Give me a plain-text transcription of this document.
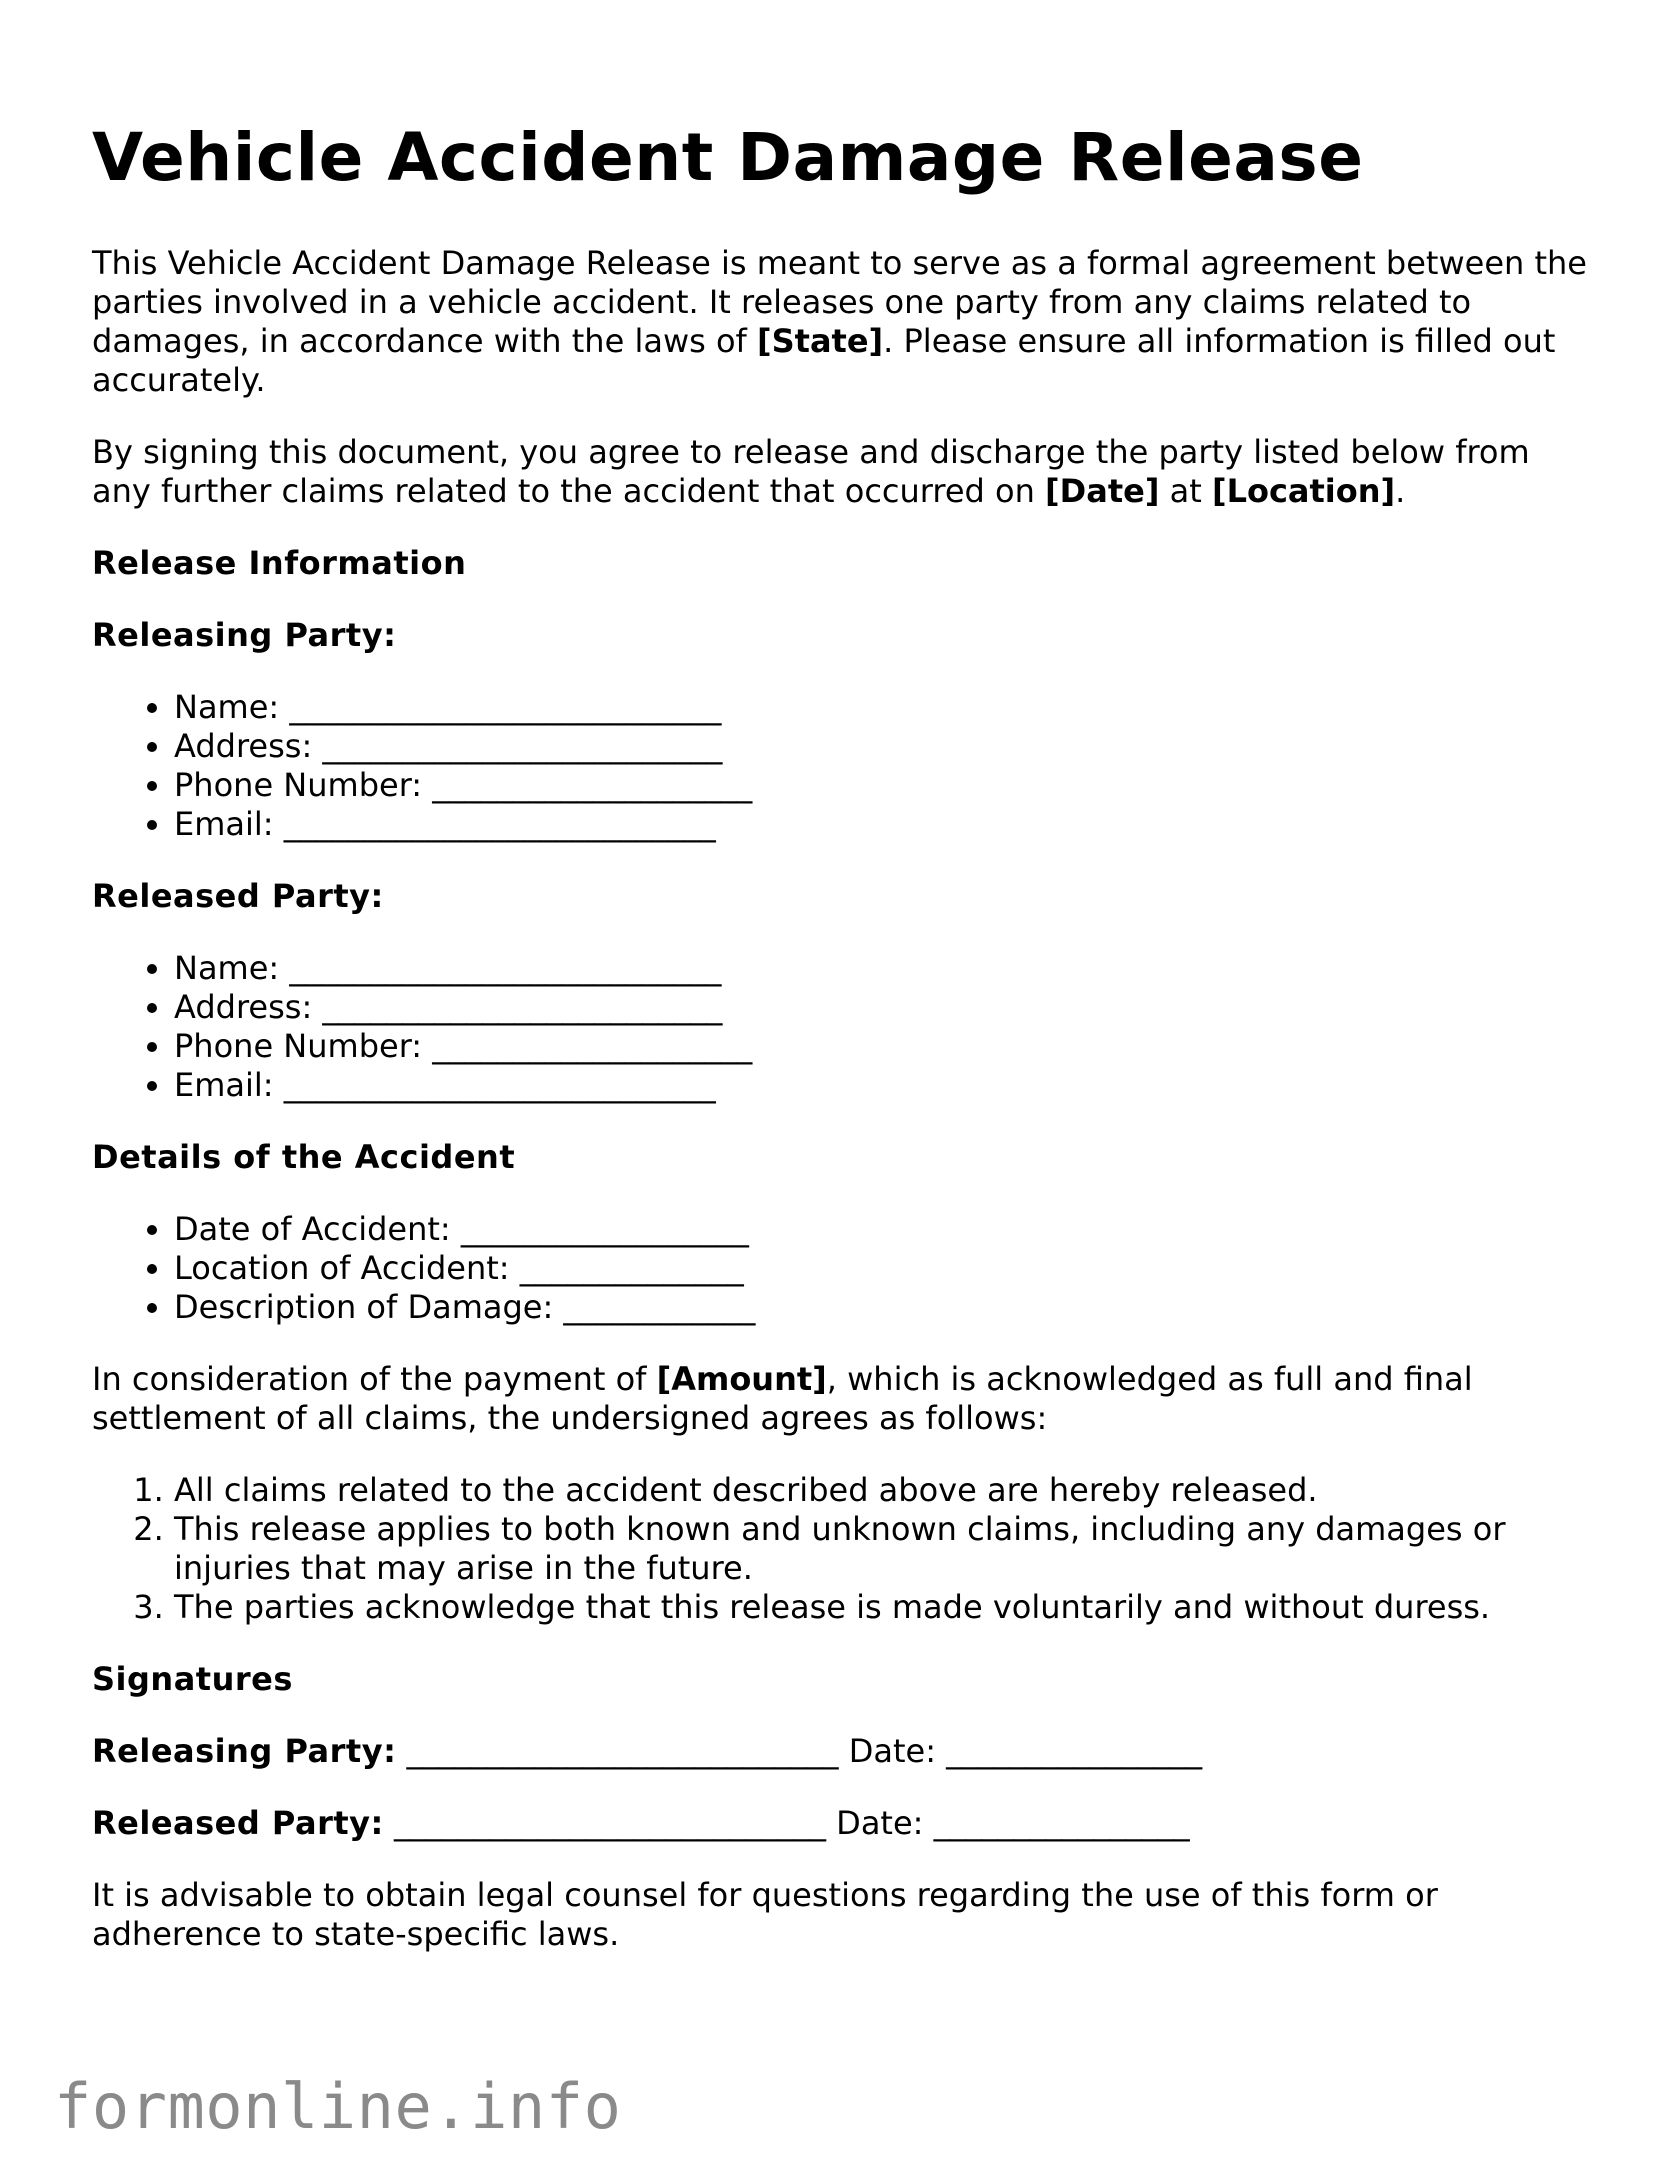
Vehicle Accident Damage Release

This Vehicle Accident Damage Release is meant to serve as a formal agreement between the parties involved in a vehicle accident. It releases one party from any claims related to damages, in accordance with the laws of [State]. Please ensure all information is filled out accurately.

By signing this document, you agree to release and discharge the party listed below from any further claims related to the accident that occurred on [Date] at [Location].

Release Information
Releasing Party:
• Name: ___________________________
• Address: _________________________
• Phone Number: ____________________
• Email: ___________________________
Released Party:
• Name: ___________________________
• Address: _________________________
• Phone Number: ____________________
• Email: ___________________________
Details of the Accident
• Date of Accident: __________________
• Location of Accident: ______________
• Description of Damage: ____________

In consideration of the payment of [Amount], which is acknowledged as full and final settlement of all claims, the undersigned agrees as follows:

1. All claims related to the accident described above are hereby released.
2. This release applies to both known and unknown claims, including any damages or injuries that may arise in the future.
3. The parties acknowledge that this release is made voluntarily and without duress.
Signatures
Releasing Party: ___________________________ Date: ________________
Released Party: ___________________________ Date: ________________

It is advisable to obtain legal counsel for questions regarding the use of this form or adherence to state-specific laws.

formonline.info
